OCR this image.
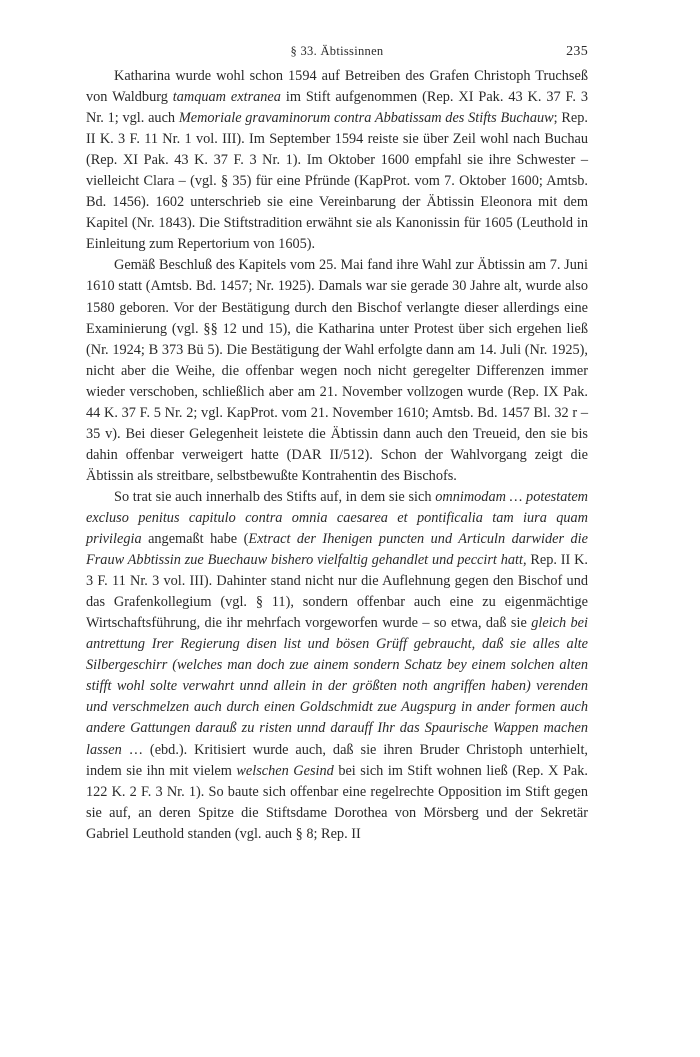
§ 33. Äbtissinnen	235

Katharina wurde wohl schon 1594 auf Betreiben des Grafen Christoph Truchseß von Waldburg tamquam extranea im Stift aufgenommen (Rep. XI Pak. 43 K. 37 F. 3 Nr. 1; vgl. auch Memoriale gravaminorum contra Abbatissam des Stifts Buchauw; Rep. II K. 3 F. 11 Nr. 1 vol. III). Im September 1594 reiste sie über Zeil wohl nach Buchau (Rep. XI Pak. 43 K. 37 F. 3 Nr. 1). Im Oktober 1600 empfahl sie ihre Schwester – vielleicht Clara – (vgl. § 35) für eine Pfründe (KapProt. vom 7. Oktober 1600; Amtsb. Bd. 1456). 1602 unterschrieb sie eine Vereinbarung der Äbtissin Eleonora mit dem Kapitel (Nr. 1843). Die Stiftstradition erwähnt sie als Kanonissin für 1605 (Leuthold in Einleitung zum Repertorium von 1605).

Gemäß Beschluß des Kapitels vom 25. Mai fand ihre Wahl zur Äbtissin am 7. Juni 1610 statt (Amtsb. Bd. 1457; Nr. 1925). Damals war sie gerade 30 Jahre alt, wurde also 1580 geboren. Vor der Bestätigung durch den Bischof verlangte dieser allerdings eine Examinierung (vgl. §§ 12 und 15), die Katharina unter Protest über sich ergehen ließ (Nr. 1924; B 373 Bü 5). Die Bestätigung der Wahl erfolgte dann am 14. Juli (Nr. 1925), nicht aber die Weihe, die offenbar wegen noch nicht geregelter Differenzen immer wieder verschoben, schließlich aber am 21. November vollzogen wurde (Rep. IX Pak. 44 K. 37 F. 5 Nr. 2; vgl. KapProt. vom 21. November 1610; Amtsb. Bd. 1457 Bl. 32 r – 35 v). Bei dieser Gelegenheit leistete die Äbtissin dann auch den Treueid, den sie bis dahin offenbar verweigert hatte (DAR II/512). Schon der Wahlvorgang zeigt die Äbtissin als streitbare, selbstbewußte Kontrahentin des Bischofs.

So trat sie auch innerhalb des Stifts auf, in dem sie sich omnimodam … potestatem excluso penitus capitulo contra omnia caesarea et pontificalia tam iura quam privilegia angemaßt habe (Extract der Ihenigen puncten und Articuln darwider die Frauw Abbtissin zue Buechauw bishero vielfaltig gehandlet und peccirt hatt, Rep. II K. 3 F. 11 Nr. 3 vol. III). Dahinter stand nicht nur die Auflehnung gegen den Bischof und das Grafenkollegium (vgl. § 11), sondern offenbar auch eine zu eigenmächtige Wirtschaftsführung, die ihr mehrfach vorgeworfen wurde – so etwa, daß sie gleich bei antrettung Irer Regierung disen list und bösen Grüff gebraucht, daß sie alles alte Silbergeschirr (welches man doch zue ainem sondern Schatz bey einem solchen alten stifft wohl solte verwahrt unnd allein in der größten noth angriffen haben) verenden und verschmelzen auch durch einen Goldschmidt zue Augspurg in ander formen auch andere Gattungen darauß zu risten unnd darauff Ihr das Spaurische Wappen machen lassen … (ebd.). Kritisiert wurde auch, daß sie ihren Bruder Christoph unterhielt, indem sie ihn mit vielem welschen Gesind bei sich im Stift wohnen ließ (Rep. X Pak. 122 K. 2 F. 3 Nr. 1). So baute sich offenbar eine regelrechte Opposition im Stift gegen sie auf, an deren Spitze die Stiftsdame Dorothea von Mörsberg und der Sekretär Gabriel Leuthold standen (vgl. auch § 8; Rep. II
